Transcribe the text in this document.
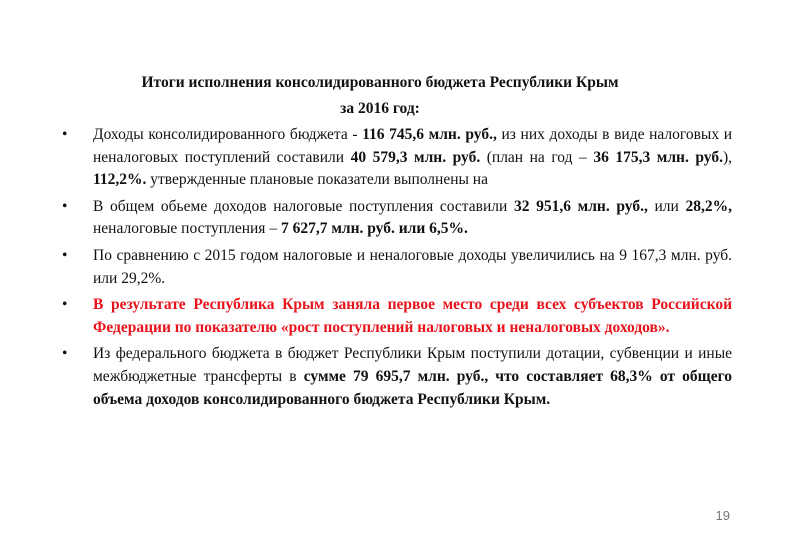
Итоги исполнения консолидированного бюджета Республики Крым
за 2016 год:
• Доходы консолидированного бюджета - 116 745,6 млн. руб., из них доходы в виде налоговых и неналоговых поступлений составили 40 579,3 млн. руб. (план на год – 36 175,3 млн. руб.), 112,2%. утвержденные плановые показатели выполнены на
• В общем обьеме доходов налоговые поступления составили 32 951,6 млн. руб., или 28,2%, неналоговые поступления – 7 627,7 млн. руб. или 6,5%.
• По сравнению с 2015 годом налоговые и неналоговые доходы увеличились на 9 167,3 млн. руб. или 29,2%.
• В результате Республика Крым заняла первое место среди всех субъектов Российской Федерации по показателю «рост поступлений налоговых и неналоговых доходов».
• Из федерального бюджета в бюджет Республики Крым поступили дотации, субвенции и иные межбюджетные трансферты в сумме 79 695,7 млн. руб., что составляет 68,3% от общего объема доходов консолидированного бюджета Республики Крым.
19
